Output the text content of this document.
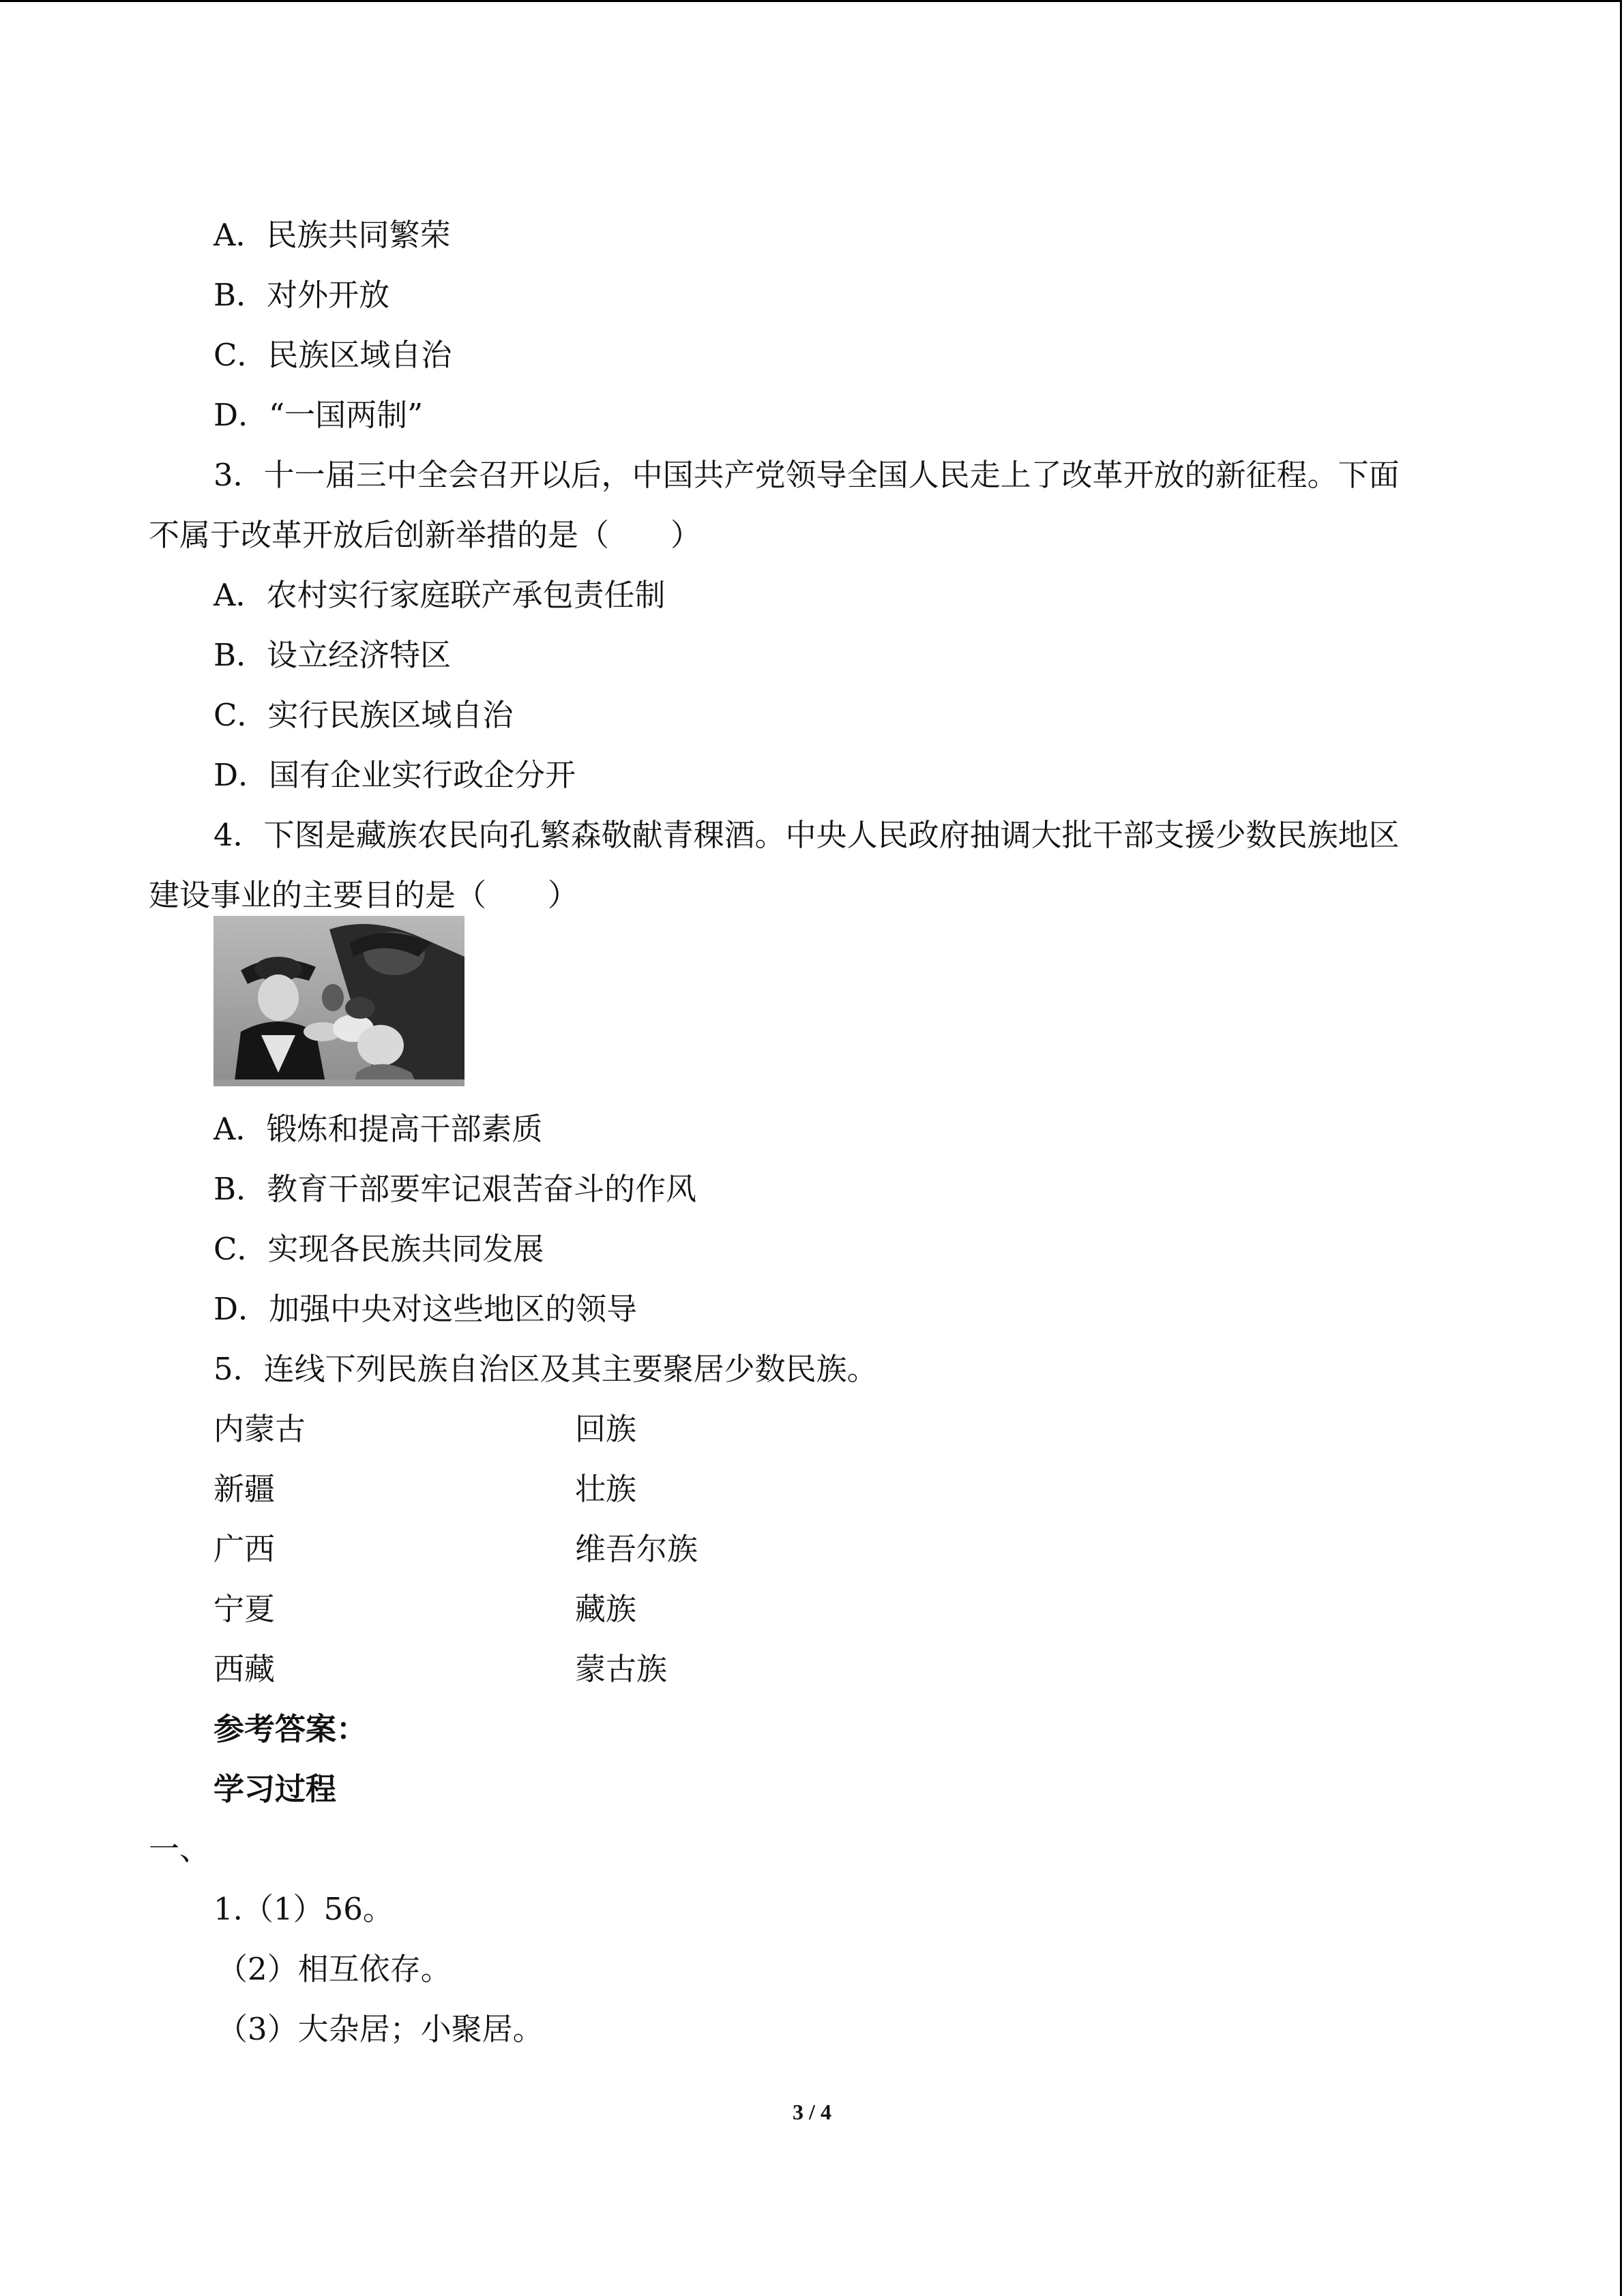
A．民族共同繁荣
B．对外开放
C．民族区域自治
D．“一国两制”
3．十一届三中全会召开以后，中国共产党领导全国人民走上了改革开放的新征程。下面
不属于改革开放后创新举措的是（　　）
A．农村实行家庭联产承包责任制
B．设立经济特区
C．实行民族区域自治
D．国有企业实行政企分开
4．下图是藏族农民向孔繁森敬献青稞酒。中央人民政府抽调大批干部支援少数民族地区
建设事业的主要目的是（　　）
A．锻炼和提高干部素质
B．教育干部要牢记艰苦奋斗的作风
C．实现各民族共同发展
D．加强中央对这些地区的领导
5．连线下列民族自治区及其主要聚居少数民族。
内蒙古	回族
新疆	壮族
广西	维吾尔族
宁夏	藏族
西藏	蒙古族
参考答案：
学习过程
一、
1.（1）56。
（2）相互依存。
（3）大杂居；小聚居。
3 / 4
